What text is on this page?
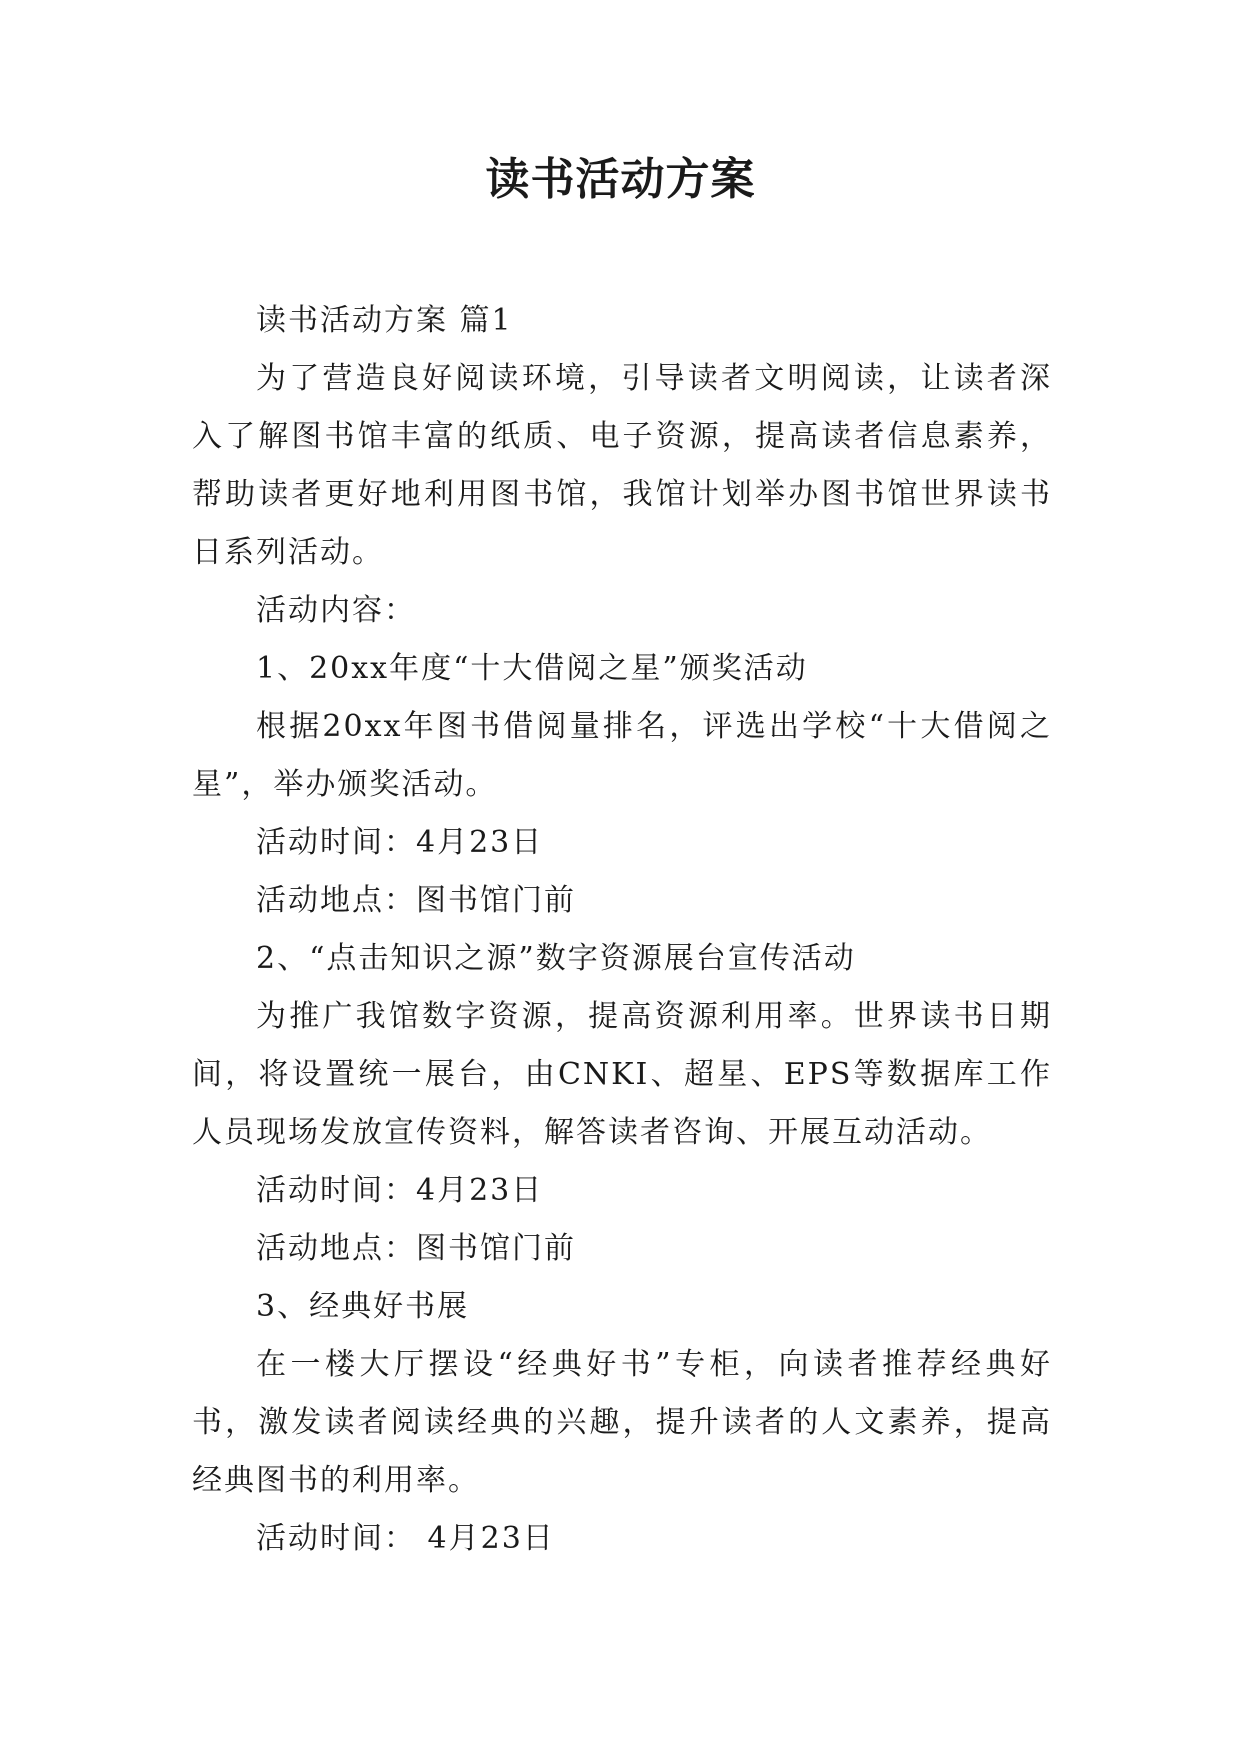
读书活动方案

读书活动方案 篇1

为了营造良好阅读环境，引导读者文明阅读，让读者深入了解图书馆丰富的纸质、电子资源，提高读者信息素养，帮助读者更好地利用图书馆，我馆计划举办图书馆世界读书日系列活动。

活动内容：

1、20xx年度“十大借阅之星”颁奖活动

根据20xx年图书借阅量排名，评选出学校“十大借阅之星”，举办颁奖活动。

活动时间：4月23日

活动地点：图书馆门前

2、“点击知识之源”数字资源展台宣传活动

为推广我馆数字资源，提高资源利用率。世界读书日期间，将设置统一展台，由CNKI、超星、EPS等数据库工作人员现场发放宣传资料，解答读者咨询、开展互动活动。

活动时间：4月23日

活动地点：图书馆门前

3、经典好书展

在一楼大厅摆设“经典好书”专柜，向读者推荐经典好书，激发读者阅读经典的兴趣，提升读者的人文素养，提高经典图书的利用率。

活动时间： 4月23日
